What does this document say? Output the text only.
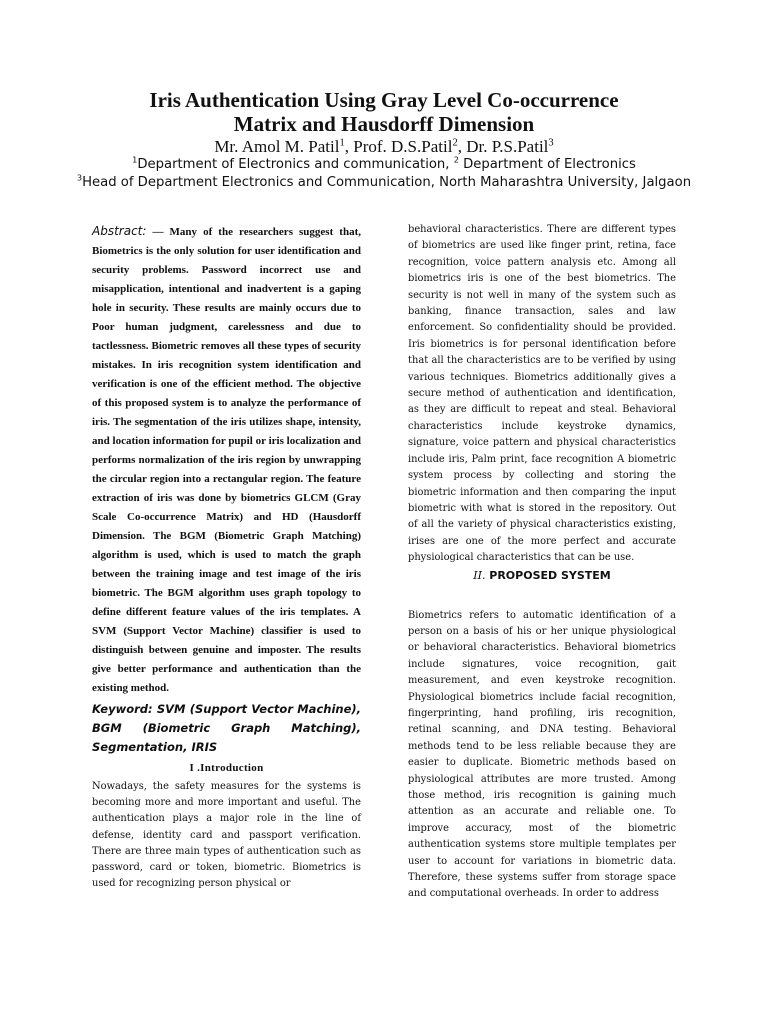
Iris Authentication Using Gray Level Co-occurrence
Matrix and Hausdorff Dimension
Mr. Amol M. Patil$^1$, Prof. D.S.Patil$^2$, Dr. P.S.Patil$^3$
$^1$Department of Electronics and communication, $^2$ Department of Electronics
$^3$Head of Department Electronics and Communication, North Maharashtra University, Jalgaon

Abstract: — Many of the researchers suggest that, Biometrics is the only solution for user identification and security problems. Password incorrect use and misapplication, intentional and inadvertent is a gaping hole in security. These results are mainly occurs due to Poor human judgment, carelessness and due to tactlessness. Biometric removes all these types of security mistakes. In iris recognition system identification and verification is one of the efficient method. The objective of this proposed system is to analyze the performance of iris. The segmentation of the iris utilizes shape, intensity, and location information for pupil or iris localization and performs normalization of the iris region by unwrapping the circular region into a rectangular region. The feature extraction of iris was done by biometrics GLCM (Gray Scale Co-occurrence Matrix) and HD (Hausdorff Dimension. The BGM (Biometric Graph Matching) algorithm is used, which is used to match the graph between the training image and test image of the iris biometric. The BGM algorithm uses graph topology to define different feature values of the iris templates. A SVM (Support Vector Machine) classifier is used to distinguish between genuine and imposter. The results give better performance and authentication than the existing method.

Keyword: SVM (Support Vector Machine), BGM (Biometric Graph Matching), Segmentation, IRIS

I .Introduction

Nowadays, the safety measures for the systems is becoming more and more important and useful. The authentication plays a major role in the line of defense, identity card and passport verification. There are three main types of authentication such as password, card or token, biometric. Biometrics is used for recognizing person physical or

behavioral characteristics. There are different types of biometrics are used like finger print, retina, face recognition, voice pattern analysis etc. Among all biometrics iris is one of the best biometrics. The security is not well in many of the system such as banking, finance transaction, sales and law enforcement. So confidentiality should be provided. Iris biometrics is for personal identification before that all the characteristics are to be verified by using various techniques. Biometrics additionally gives a secure method of authentication and identification, as they are difficult to repeat and steal. Behavioral characteristics include keystroke dynamics, signature, voice pattern and physical characteristics include iris, Palm print, face recognition A biometric system process by collecting and storing the biometric information and then comparing the input biometric with what is stored in the repository. Out of all the variety of physical characteristics existing, irises are one of the more perfect and accurate physiological characteristics that can be use.

II. PROPOSED SYSTEM

Biometrics refers to automatic identification of a person on a basis of his or her unique physiological or behavioral characteristics. Behavioral biometrics include signatures, voice recognition, gait measurement, and even keystroke recognition. Physiological biometrics include facial recognition, fingerprinting, hand profiling, iris recognition, retinal scanning, and DNA testing. Behavioral methods tend to be less reliable because they are easier to duplicate. Biometric methods based on physiological attributes are more trusted. Among those method, iris recognition is gaining much attention as an accurate and reliable one. To improve accuracy, most of the biometric authentication systems store multiple templates per user to account for variations in biometric data. Therefore, these systems suffer from storage space and computational overheads. In order to address
